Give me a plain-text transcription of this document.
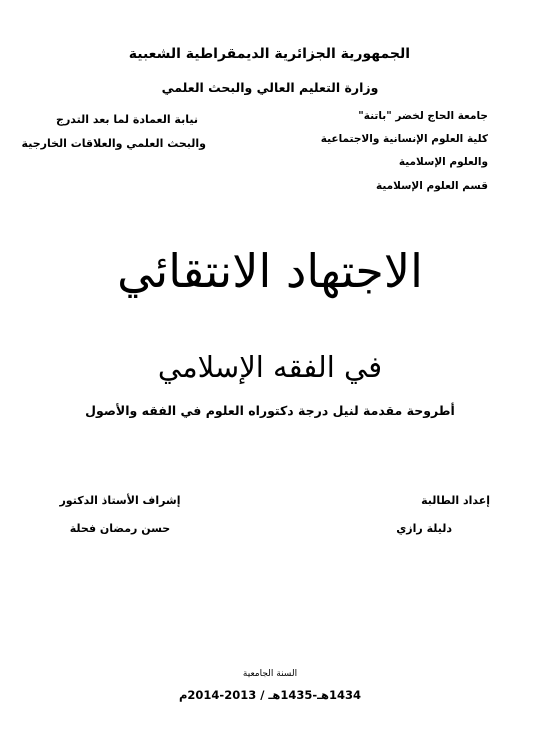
الجمهورية الجزائرية الديمقراطية الشعبية
وزارة التعليم العالي والبحث العلمي
جامعة الحاج لخضر "باتنة"
كلية العلوم الإنسانية والاجتماعية
والعلوم الإسلامية
قسم العلوم الإسلامية
نيابة العمادة لما بعد التدرج
والبحث العلمي والعلاقات الخارجية
الاجتهاد الانتقائي
في الفقه الإسلامي
أطروحة مقدمة لنيل درجة دكتوراه العلوم في الفقه والأصول
إعداد الطالبة
دليلة رازي
إشراف الأستاذ الدكتور
حسن رمضان فحلة
السنة الجامعية
1434هـ-1435هـ / 2013-2014م
